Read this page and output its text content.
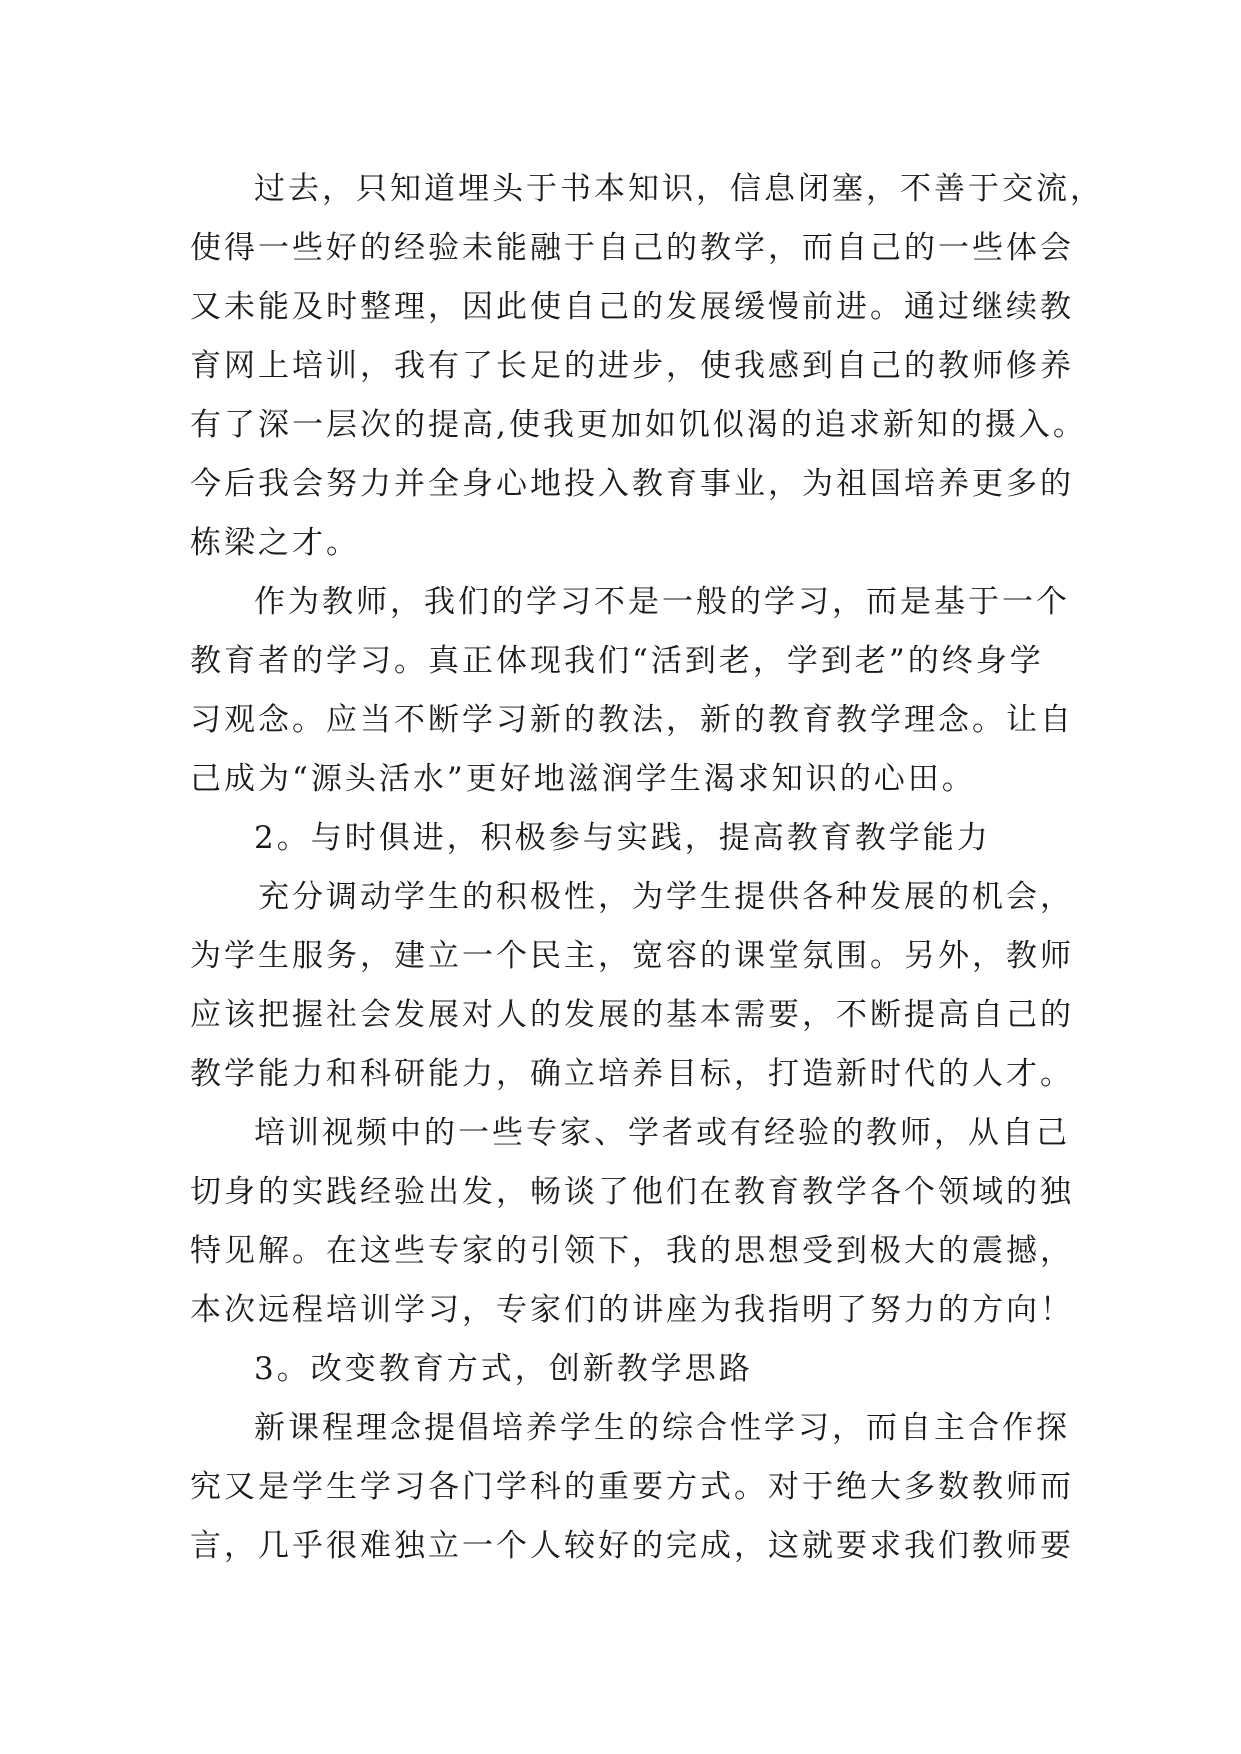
过去，只知道埋头于书本知识，信息闭塞，不善于交流，
使得一些好的经验未能融于自己的教学，而自己的一些体会
又未能及时整理，因此使自己的发展缓慢前进。通过继续教
育网上培训，我有了长足的进步，使我感到自己的教师修养
有了深一层次的提高,使我更加如饥似渴的追求新知的摄入。
今后我会努力并全身心地投入教育事业，为祖国培养更多的
栋梁之才。
作为教师，我们的学习不是一般的学习，而是基于一个
教育者的学习。真正体现我们“活到老，学到老”的终身学
习观念。应当不断学习新的教法，新的教育教学理念。让自
己成为“源头活水”更好地滋润学生渴求知识的心田。
2。与时俱进，积极参与实践，提高教育教学能力
充分调动学生的积极性，为学生提供各种发展的机会，
为学生服务，建立一个民主，宽容的课堂氛围。另外，教师
应该把握社会发展对人的发展的基本需要，不断提高自己的
教学能力和科研能力，确立培养目标，打造新时代的人才。
培训视频中的一些专家、学者或有经验的教师，从自己
切身的实践经验出发，畅谈了他们在教育教学各个领域的独
特见解。在这些专家的引领下，我的思想受到极大的震撼，
本次远程培训学习，专家们的讲座为我指明了努力的方向！
3。改变教育方式，创新教学思路
新课程理念提倡培养学生的综合性学习，而自主合作探
究又是学生学习各门学科的重要方式。对于绝大多数教师而
言，几乎很难独立一个人较好的完成，这就要求我们教师要
